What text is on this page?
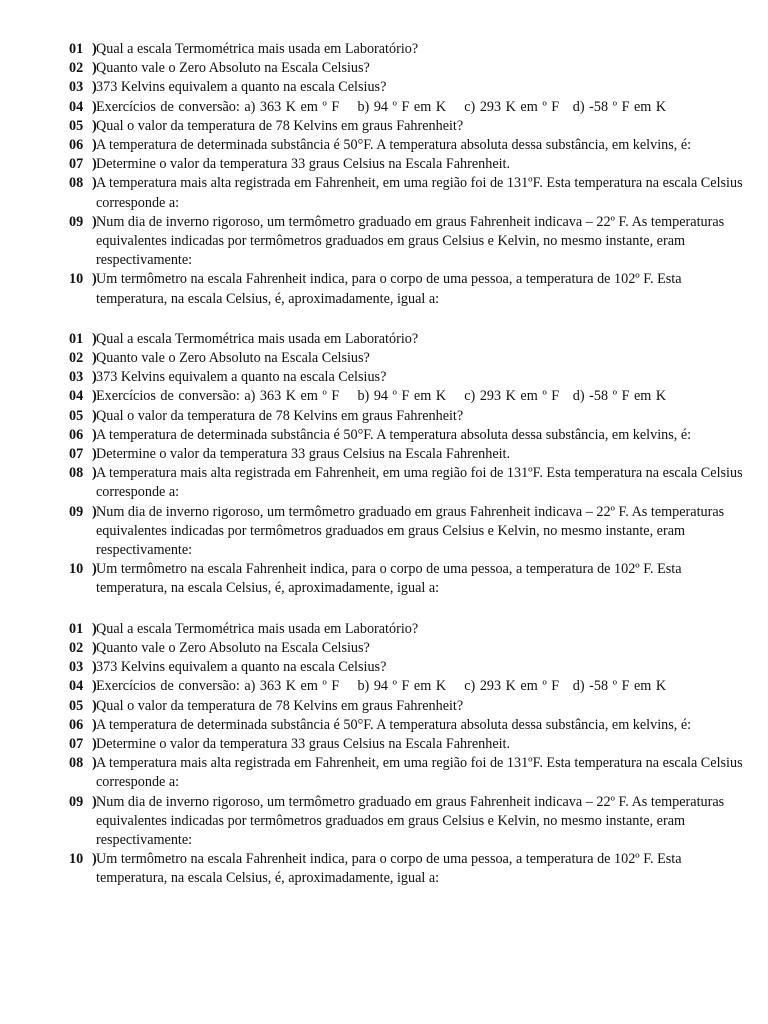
01 ) Qual a escala Termométrica mais usada em Laboratório?
02 ) Quanto vale o Zero Absoluto na Escala Celsius?
03 ) 373 Kelvins equivalem a quanto na escala Celsius?
04 ) Exercícios de conversão: a) 363 K em º F    b) 94 º F em K    c) 293 K em º F   d) -58 º F em K
05 ) Qual o valor da temperatura de 78 Kelvins em graus Fahrenheit?
06 ) A temperatura de determinada substância é 50°F. A temperatura absoluta dessa substância, em kelvins, é:
07 ) Determine o valor da temperatura 33 graus Celsius na Escala Fahrenheit.
08 ) A temperatura mais alta registrada em Fahrenheit, em uma região foi de 131ºF. Esta temperatura na escala Celsius corresponde a:
09 ) Num dia de inverno rigoroso, um termômetro graduado em graus Fahrenheit indicava – 22º F. As temperaturas equivalentes indicadas por termômetros graduados em graus Celsius e Kelvin, no mesmo instante, eram respectivamente:
10 ) Um termômetro na escala Fahrenheit indica, para o corpo de uma pessoa, a temperatura de 102º F. Esta temperatura, na escala Celsius, é, aproximadamente, igual a:
01 ) Qual a escala Termométrica mais usada em Laboratório?
02 ) Quanto vale o Zero Absoluto na Escala Celsius?
03 ) 373 Kelvins equivalem a quanto na escala Celsius?
04 ) Exercícios de conversão: a) 363 K em º F    b) 94 º F em K    c) 293 K em º F   d) -58 º F em K
05 ) Qual o valor da temperatura de 78 Kelvins em graus Fahrenheit?
06 ) A temperatura de determinada substância é 50°F. A temperatura absoluta dessa substância, em kelvins, é:
07 ) Determine o valor da temperatura 33 graus Celsius na Escala Fahrenheit.
08 ) A temperatura mais alta registrada em Fahrenheit, em uma região foi de 131ºF. Esta temperatura na escala Celsius corresponde a:
09 ) Num dia de inverno rigoroso, um termômetro graduado em graus Fahrenheit indicava – 22º F. As temperaturas equivalentes indicadas por termômetros graduados em graus Celsius e Kelvin, no mesmo instante, eram respectivamente:
10 ) Um termômetro na escala Fahrenheit indica, para o corpo de uma pessoa, a temperatura de 102º F. Esta temperatura, na escala Celsius, é, aproximadamente, igual a:
01 ) Qual a escala Termométrica mais usada em Laboratório?
02 ) Quanto vale o Zero Absoluto na Escala Celsius?
03 ) 373 Kelvins equivalem a quanto na escala Celsius?
04 ) Exercícios de conversão: a) 363 K em º F    b) 94 º F em K    c) 293 K em º F   d) -58 º F em K
05 ) Qual o valor da temperatura de 78 Kelvins em graus Fahrenheit?
06 ) A temperatura de determinada substância é 50°F. A temperatura absoluta dessa substância, em kelvins, é:
07 ) Determine o valor da temperatura 33 graus Celsius na Escala Fahrenheit.
08 ) A temperatura mais alta registrada em Fahrenheit, em uma região foi de 131ºF. Esta temperatura na escala Celsius corresponde a:
09 ) Num dia de inverno rigoroso, um termômetro graduado em graus Fahrenheit indicava – 22º F. As temperaturas equivalentes indicadas por termômetros graduados em graus Celsius e Kelvin, no mesmo instante, eram respectivamente:
10 ) Um termômetro na escala Fahrenheit indica, para o corpo de uma pessoa, a temperatura de 102º F. Esta temperatura, na escala Celsius, é, aproximadamente, igual a:
